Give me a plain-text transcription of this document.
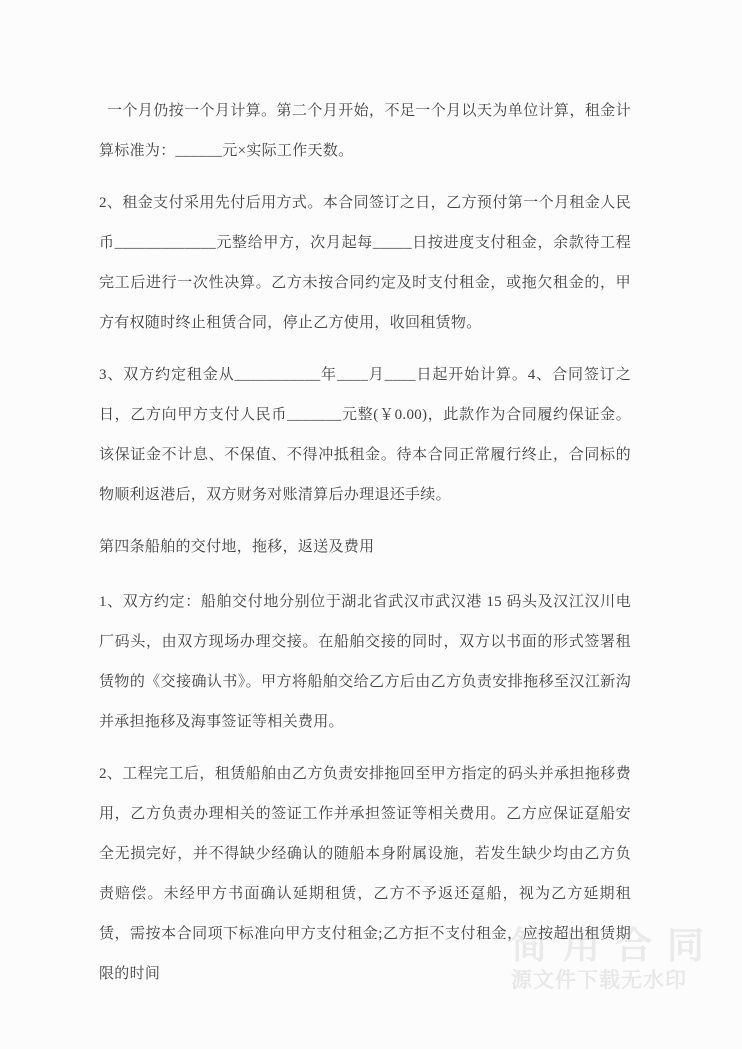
简用合同
源文件下载无水印

一个月仍按一个月计算。第二个月开始，不足一个月以天为单位计算，租金计算标准为：______元×实际工作天数。

2、租金支付采用先付后用方式。本合同签订之日，乙方预付第一个月租金人民币_____________元整给甲方，次月起每_____日按进度支付租金，余款待工程完工后进行一次性决算。乙方未按合同约定及时支付租金，或拖欠租金的，甲方有权随时终止租赁合同，停止乙方使用，收回租赁物。

3、双方约定租金从___________年____月____日起开始计算。4、合同签订之日，乙方向甲方支付人民币_______元整(￥0.00)，此款作为合同履约保证金。该保证金不计息、不保值、不得冲抵租金。待本合同正常履行终止，合同标的物顺利返港后，双方财务对账清算后办理退还手续。

第四条船舶的交付地，拖移，返送及费用

1、双方约定：船舶交付地分别位于湖北省武汉市武汉港 15 码头及汉江汉川电厂码头，由双方现场办理交接。在船舶交接的同时，双方以书面的形式签署租赁物的《交接确认书》。甲方将船舶交给乙方后由乙方负责安排拖移至汉江新沟并承担拖移及海事签证等相关费用。

2、工程完工后，租赁船舶由乙方负责安排拖回至甲方指定的码头并承担拖移费用，乙方负责办理相关的签证工作并承担签证等相关费用。乙方应保证趸船安全无损完好，并不得缺少经确认的随船本身附属设施，若发生缺少均由乙方负责赔偿。未经甲方书面确认延期租赁，乙方不予返还趸船，视为乙方延期租赁，需按本合同项下标准向甲方支付租金;乙方拒不支付租金，应按超出租赁期限的时间
